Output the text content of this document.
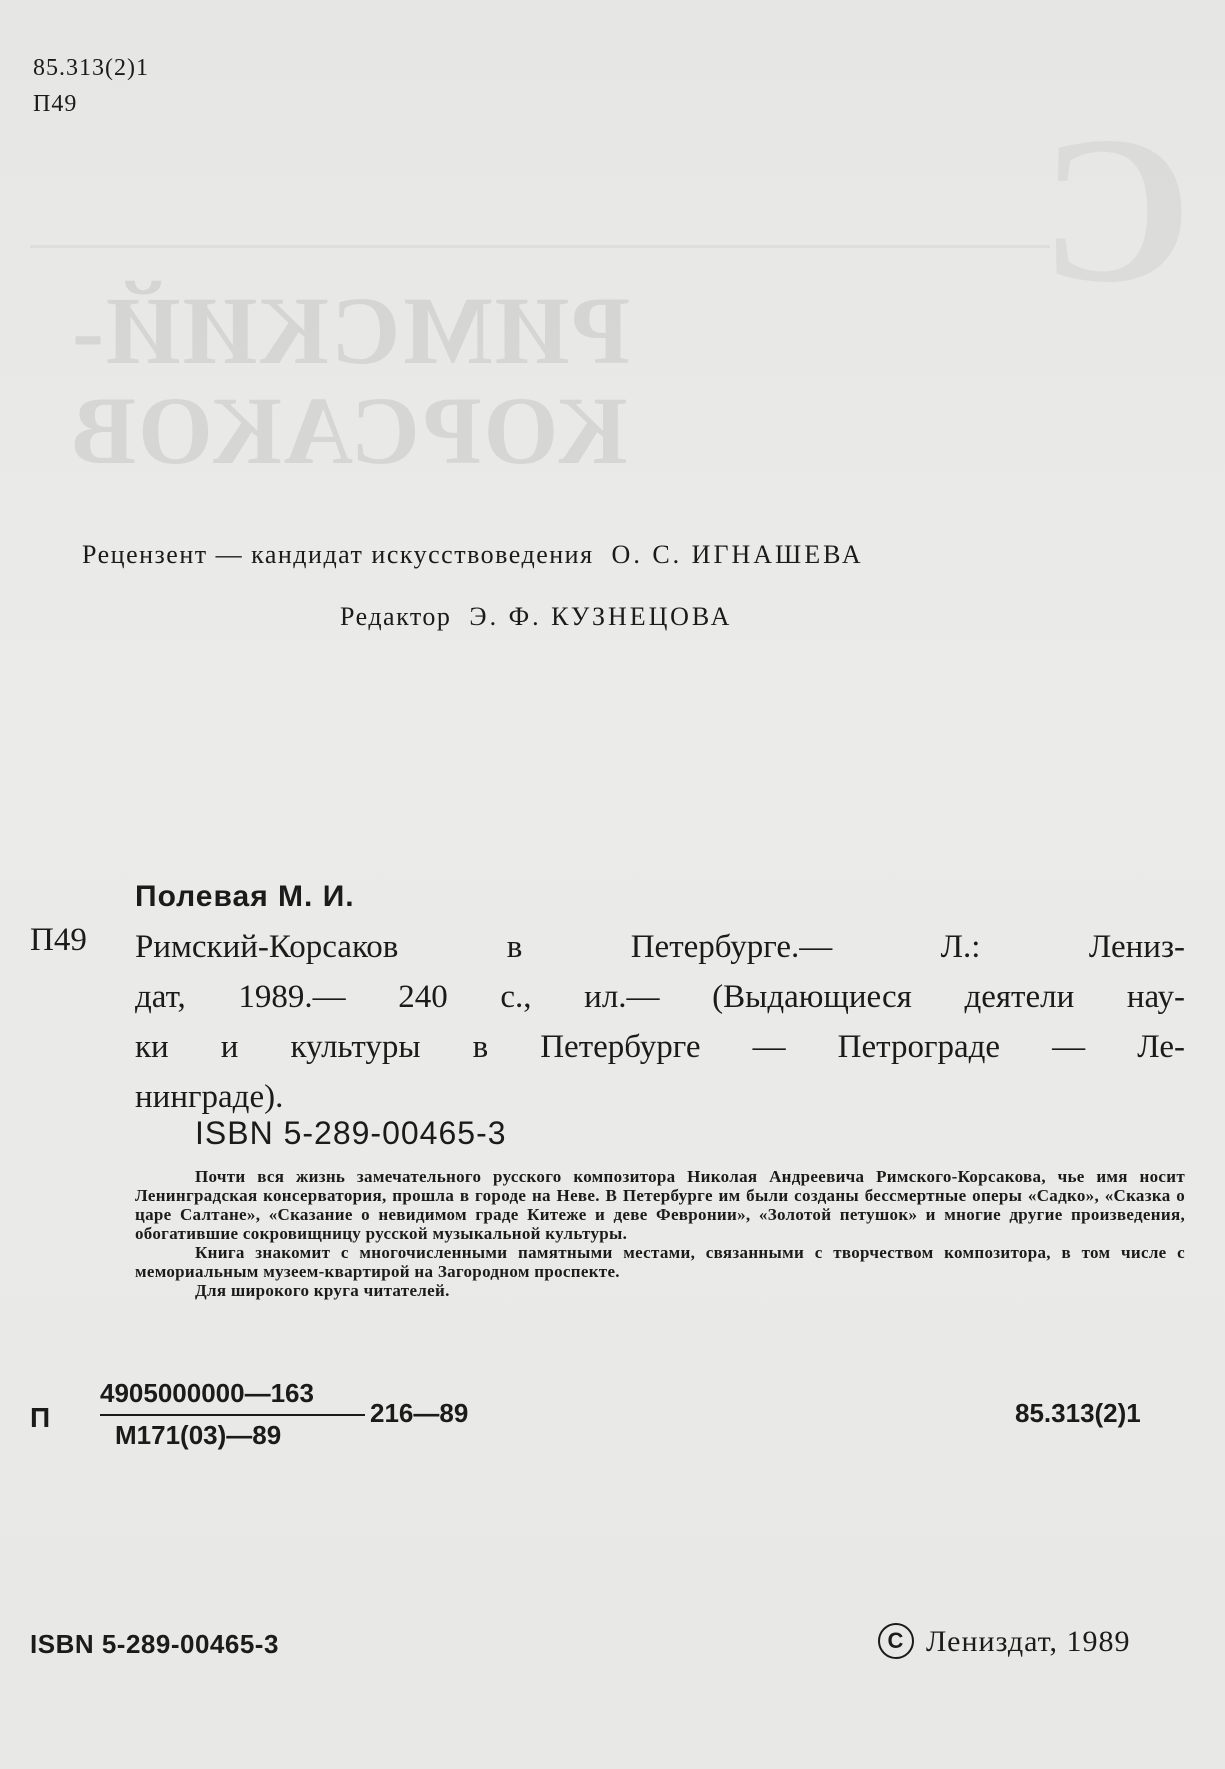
С
РИМСКИЙ-
КОРСАКОВ
85.313(2)1
П49
Рецензент — кандидат искусствоведения О. С. ИГНАШЕВА
Редактор Э. Ф. КУЗНЕЦОВА
Полевая М. И.
П49 Римский-Корсаков в Петербурге.— Л.: Лениз-
дат, 1989.— 240 с., ил.— (Выдающиеся деятели нау-
ки и культуры в Петербурге — Петрограде — Ле-
нинграде).
ISBN 5-289-00465-3

Почти вся жизнь замечательного русского композитора Николая Андреевича Римского-Корсакова, чье имя носит Ленинградская консерватория, прошла в городе на Неве. В Петербурге им были созданы бессмертные оперы «Садко», «Сказка о царе Салтане», «Сказание о невидимом граде Китеже и деве Февронии», «Золотой петушок» и многие другие произведения, обогатившие сокровищницу русской музыкальной культуры.

Книга знакомит с многочисленными памятными местами, связанными с творчеством композитора, в том числе с мемориальным музеем-квартирой на Загородном проспекте.

Для широкого круга читателей.

П
4905000000—163
М171(03)—89
216—89	85.313(2)1
ISBN 5-289-00465-3	C Лениздат, 1989
